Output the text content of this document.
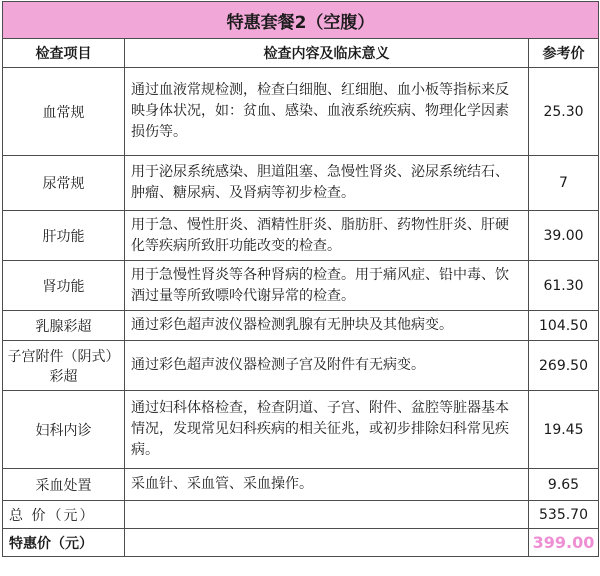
特惠套餐2（空腹）		
检查项目	检查内容及临床意义	参考价
血常规	通过血液常规检测，检查白细胞、红细胞、血小板等指标来反映身体状况，如：贫血、感染、血液系统疾病、物理化学因素损伤等。	25.30
尿常规	用于泌尿系统感染、胆道阻塞、急慢性肾炎、泌尿系统结石、肿瘤、糖尿病、及肾病等初步检查。	7
肝功能	用于急、慢性肝炎、酒精性肝炎、脂肪肝、药物性肝炎、肝硬化等疾病所致肝功能改变的检查。	39.00
肾功能	用于急慢性肾炎等各种肾病的检查。用于痛风症、铅中毒、饮酒过量等所致嘌呤代谢异常的检查。	61.30
乳腺彩超	通过彩色超声波仪器检测乳腺有无肿块及其他病变。	104.50
子宫附件（阴式）彩超	通过彩色超声波仪器检测子宫及附件有无病变。	269.50
妇科内诊	通过妇科体格检查，检查阴道、子宫、附件、盆腔等脏器基本情况，发现常见妇科疾病的相关征兆，或初步排除妇科常见疾病。	19.45
采血处置	采血针、采血管、采血操作。	9.65
总 价（元）		535.70
特惠价（元）		399.00
